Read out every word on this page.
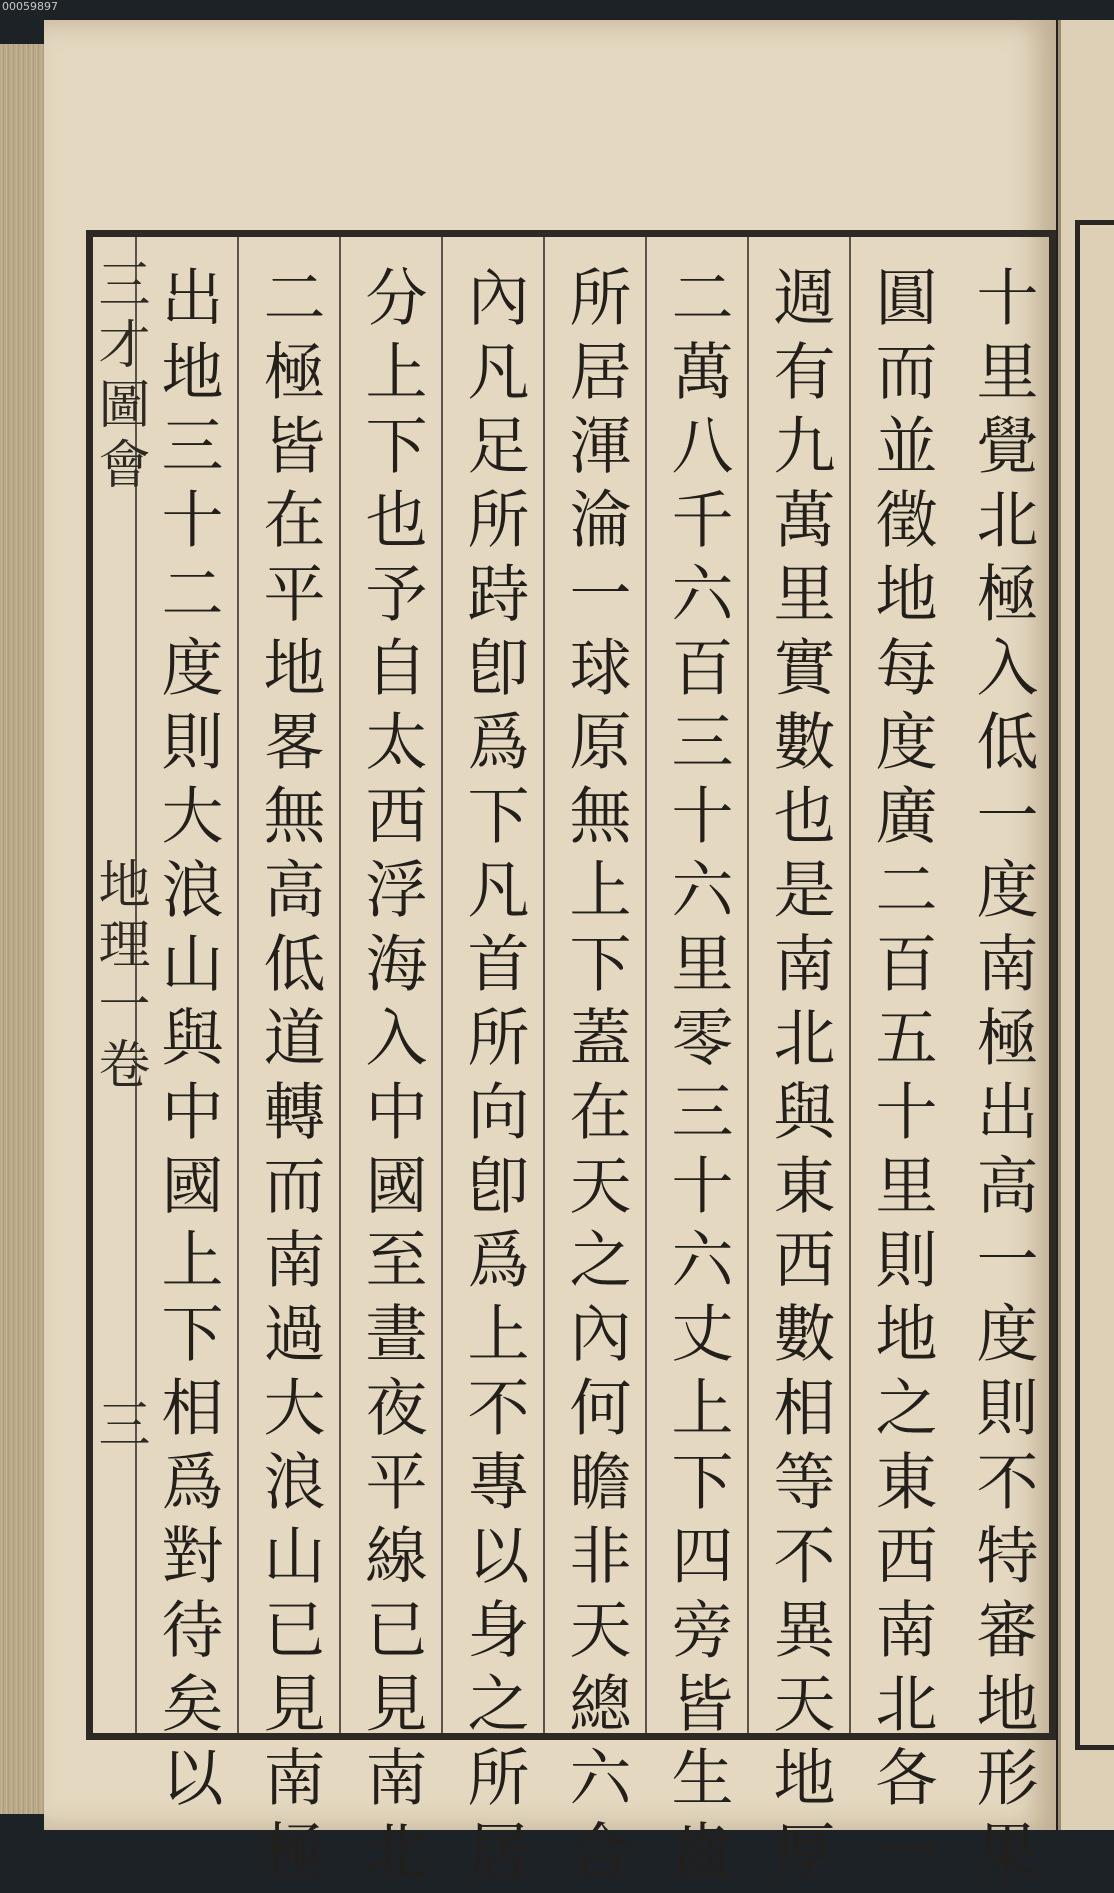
00059897
十里覺北極入低一度南極出高一度則不特審地形果
圓而並徵地每度廣二百五十里則地之東西南北各一
週有九萬里實數也是南北與東西數相等不異天地厚
二萬八千六百三十六里零三十六丈上下四旁皆生齒
所居渾淪一球原無上下蓋在天之內何瞻非天總六合
內凡足所跱卽爲下凡首所向卽爲上不專以身之所居
分上下也予自太西浮海入中國至晝夜平線已見南北
二極皆在平地畧無高低道轉而南過大浪山已見南極
出地三十二度則大浪山與中國上下相爲對待矣以
三才圖會
地理一卷
三
